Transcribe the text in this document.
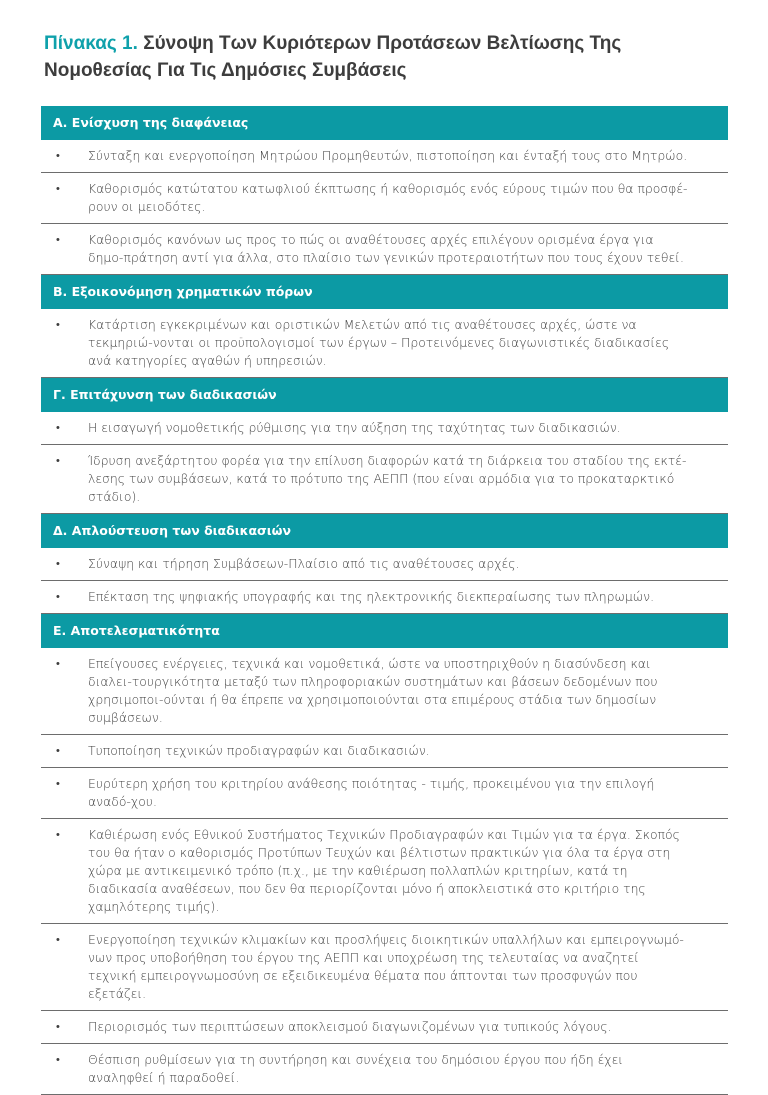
Πίνακας 1. Σύνοψη Των Κυριότερων Προτάσεων Βελτίωσης Της Νομοθεσίας Για Τις Δημόσιες Συμβάσεις
Α. Ενίσχυση της διαφάνειας
• Σύνταξη και ενεργοποίηση Μητρώου Προμηθευτών, πιστοποίηση και ένταξή τους στο Μητρώο.
• Καθορισμός κατώτατου κατωφλιού έκπτωσης ή καθορισμός ενός εύρους τιμών που θα προσφέ-ρουν οι μειοδότες.
• Καθορισμός κανόνων ως προς το πώς οι αναθέτουσες αρχές επιλέγουν ορισμένα έργα για δημο-πράτηση αντί για άλλα, στο πλαίσιο των γενικών προτεραιοτήτων που τους έχουν τεθεί.
Β. Εξοικονόμηση χρηματικών πόρων
• Κατάρτιση εγκεκριμένων και οριστικών Μελετών από τις αναθέτουσες αρχές, ώστε να τεκμηριώ-νονται οι προϋπολογισμοί των έργων – Προτεινόμενες διαγωνιστικές διαδικασίες ανά κατηγορίες αγαθών ή υπηρεσιών.
Γ. Επιτάχυνση των διαδικασιών
• Η εισαγωγή νομοθετικής ρύθμισης για την αύξηση της ταχύτητας των διαδικασιών.
• Ίδρυση ανεξάρτητου φορέα για την επίλυση διαφορών κατά τη διάρκεια του σταδίου της εκτέ-λεσης των συμβάσεων, κατά το πρότυπο της ΑΕΠΠ (που είναι αρμόδια για το προκαταρκτικό στάδιο).
Δ. Απλούστευση των διαδικασιών
• Σύναψη και τήρηση Συμβάσεων-Πλαίσιο από τις αναθέτουσες αρχές.
• Επέκταση της ψηφιακής υπογραφής και της ηλεκτρονικής διεκπεραίωσης των πληρωμών.
Ε. Αποτελεσματικότητα
• Επείγουσες ενέργειες, τεχνικά και νομοθετικά, ώστε να υποστηριχθούν η διασύνδεση και διαλει-τουργικότητα μεταξύ των πληροφοριακών συστημάτων και βάσεων δεδομένων που χρησιμοποι-ούνται ή θα έπρεπε να χρησιμοποιούνται στα επιμέρους στάδια των δημοσίων συμβάσεων.
• Τυποποίηση τεχνικών προδιαγραφών και διαδικασιών.
• Ευρύτερη χρήση του κριτηρίου ανάθεσης ποιότητας - τιμής, προκειμένου για την επιλογή αναδό-χου.
• Καθιέρωση ενός Εθνικού Συστήματος Τεχνικών Προδιαγραφών και Τιμών για τα έργα. Σκοπός του θα ήταν ο καθορισμός Προτύπων Τευχών και βέλτιστων πρακτικών για όλα τα έργα στη χώρα με αντικειμενικό τρόπο (π.χ., με την καθιέρωση πολλαπλών κριτηρίων, κατά τη διαδικασία αναθέσεων, που δεν θα περιορίζονται μόνο ή αποκλειστικά στο κριτήριο της χαμηλότερης τιμής).
• Ενεργοποίηση τεχνικών κλιμακίων και προσλήψεις διοικητικών υπαλλήλων και εμπειρογνωμό-νων προς υποβοήθηση του έργου της ΑΕΠΠ και υποχρέωση της τελευταίας να αναζητεί τεχνική εμπειρογνωμοσύνη σε εξειδικευμένα θέματα που άπτονται των προσφυγών που εξετάζει.
• Περιορισμός των περιπτώσεων αποκλεισμού διαγωνιζομένων για τυπικούς λόγους.
• Θέσπιση ρυθμίσεων για τη συντήρηση και συνέχεια του δημόσιου έργου που ήδη έχει αναληφθεί ή παραδοθεί.
